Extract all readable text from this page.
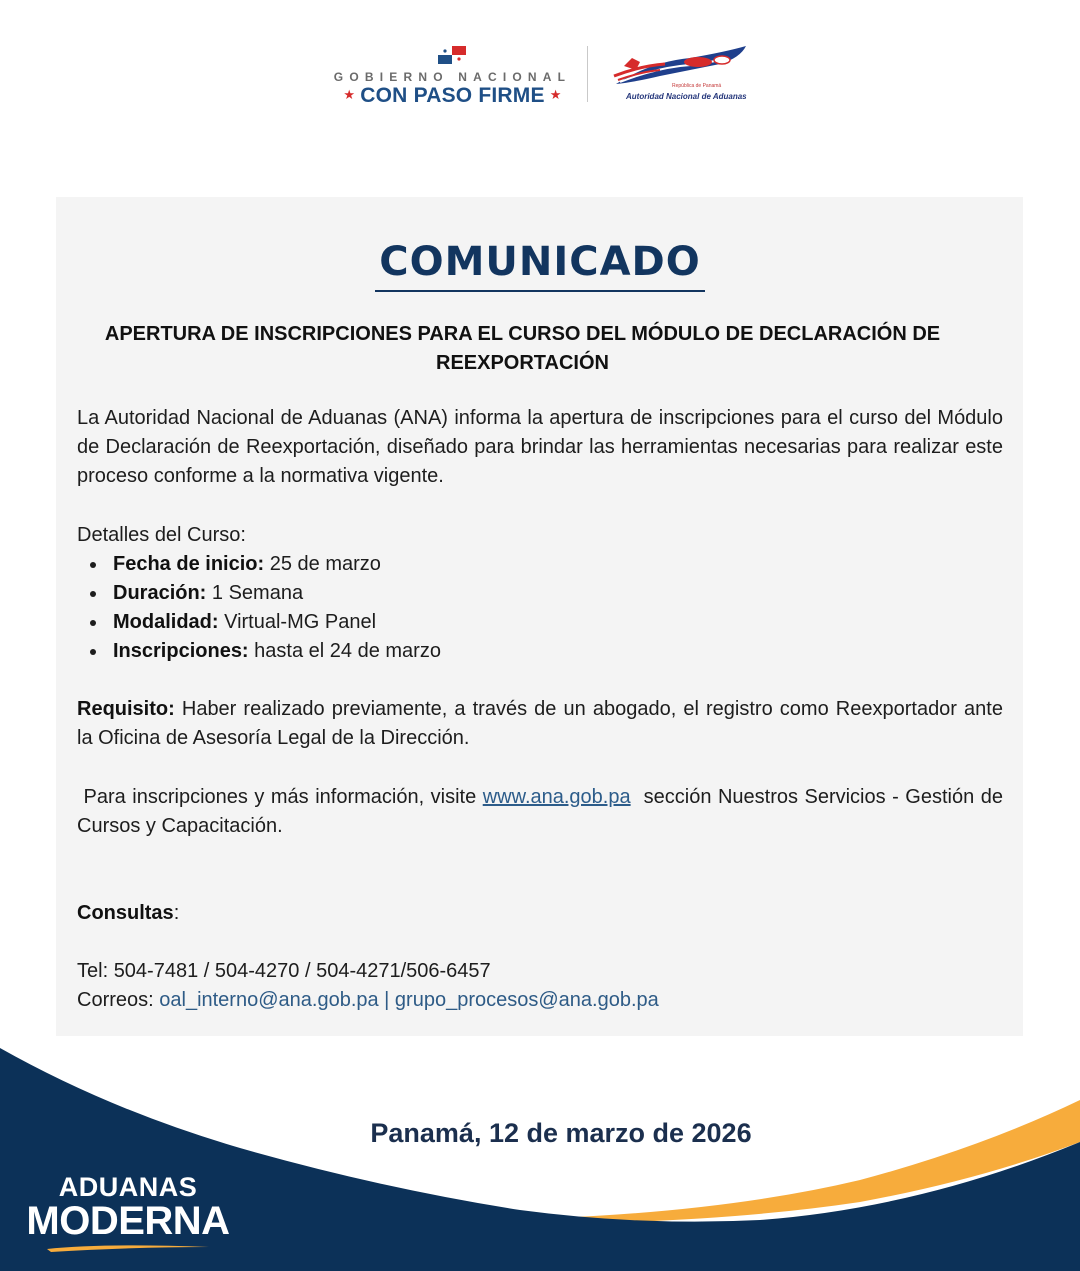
GOBIERNO NACIONAL
★ CON PASO FIRME ★
República de Panamá
Autoridad Nacional de Aduanas
COMUNICADO
APERTURA DE INSCRIPCIONES PARA EL CURSO DEL MÓDULO DE DECLARACIÓN DE REEXPORTACIÓN
La Autoridad Nacional de Aduanas (ANA) informa la apertura de inscripciones para el curso del Módulo de Declaración de Reexportación, diseñado para brindar las herramientas necesarias para realizar este proceso conforme a la normativa vigente.
Detalles del Curso:
Fecha de inicio: 25 de marzo
Duración: 1 Semana
Modalidad: Virtual-MG Panel
Inscripciones: hasta el 24 de marzo
Requisito: Haber realizado previamente, a través de un abogado, el registro como Reexportador ante la Oficina de Asesoría Legal de la Dirección.
Para inscripciones y más información, visite www.ana.gob.pa  sección Nuestros Servicios - Gestión de Cursos y Capacitación.
Consultas:
Tel: 504-7481 / 504-4270 / 504-4271/506-6457
Correos: oal_interno@ana.gob.pa | grupo_procesos@ana.gob.pa
Panamá, 12 de marzo de 2026
ADUANAS
MODERNA
